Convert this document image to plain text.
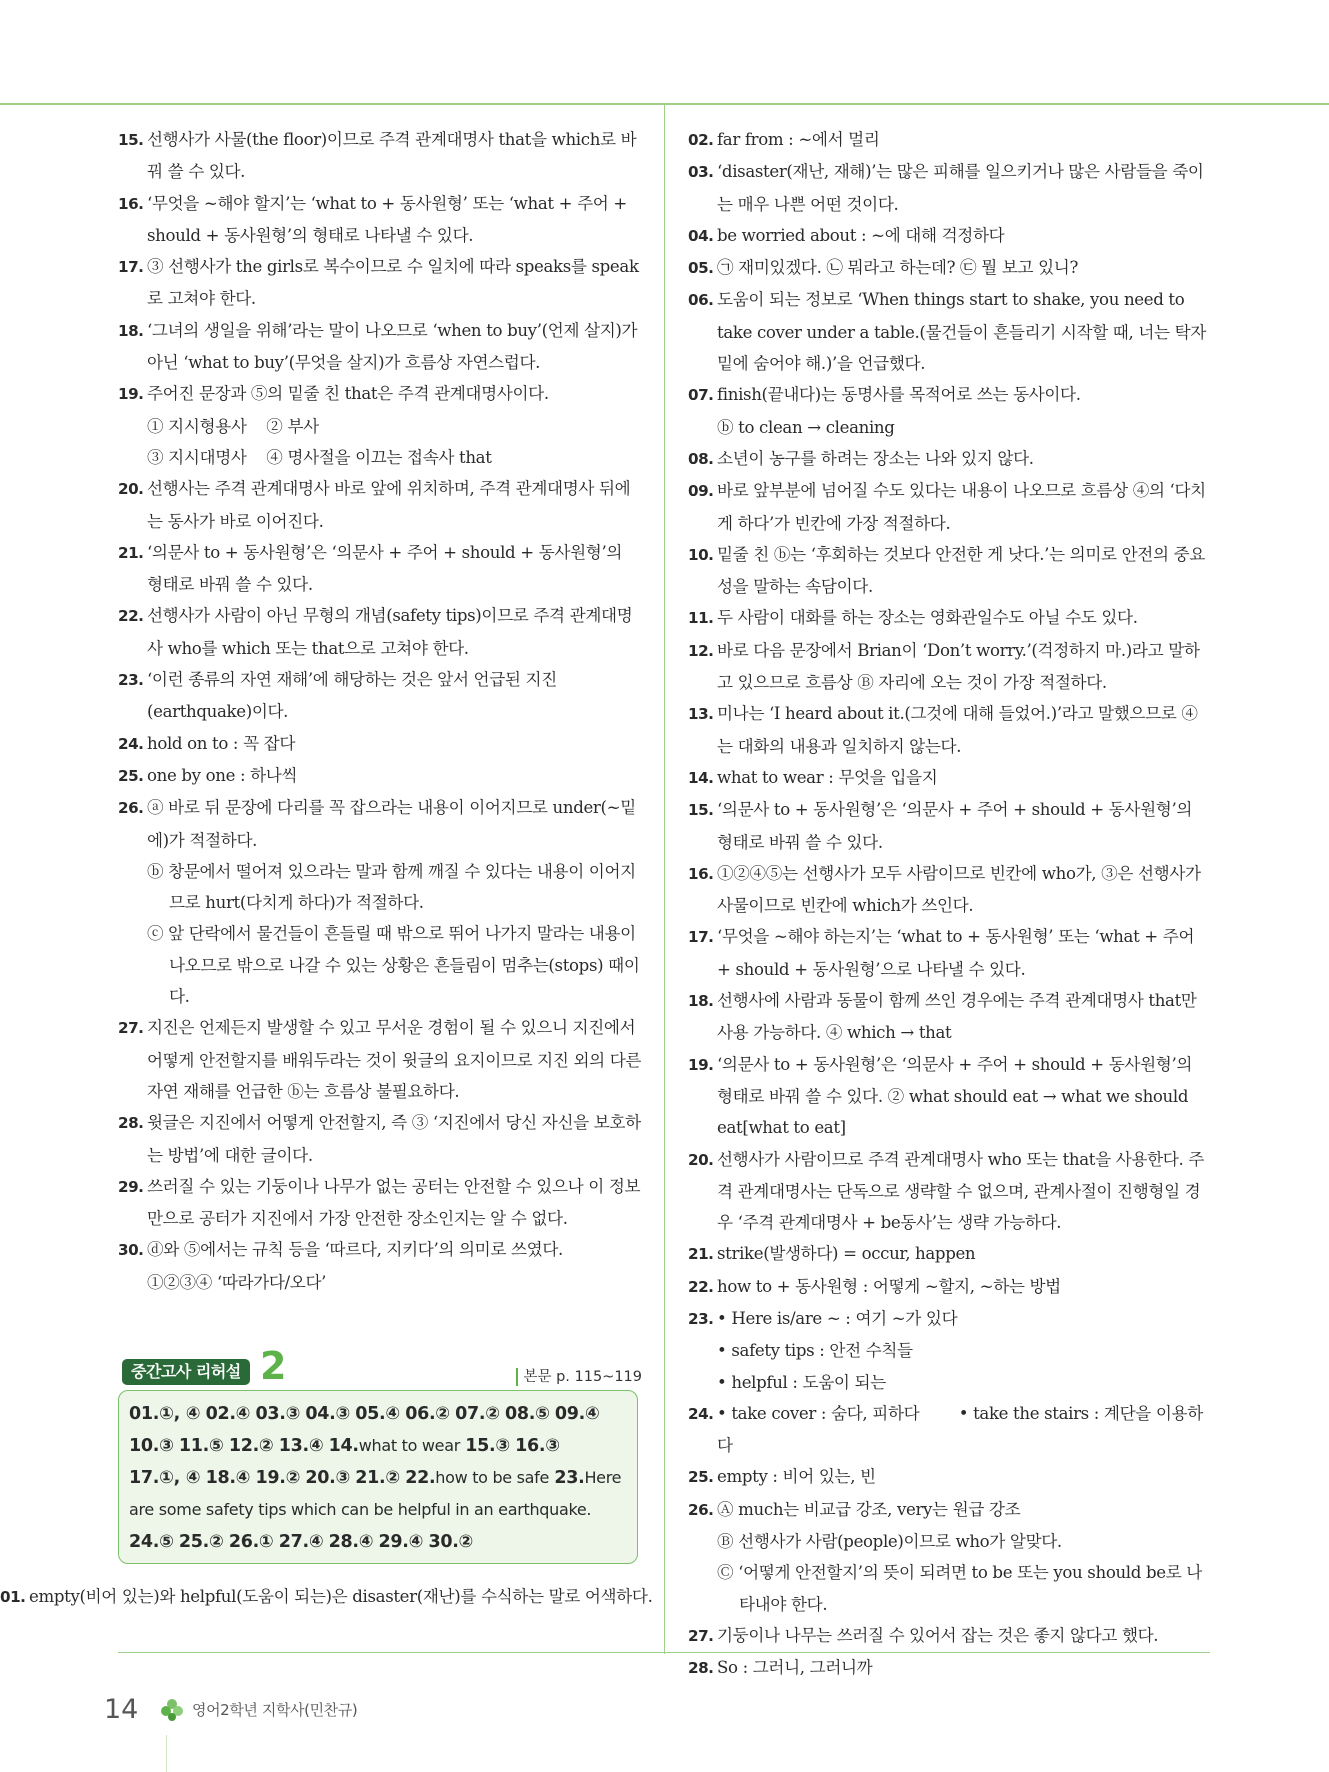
15. 선행사가 사물(the floor)이므로 주격 관계대명사 that을 which로 바꿔 쓸 수 있다.

16. ‘무엇을 ~해야 할지’는 ‘what to + 동사원형’ 또는 ‘what + 주어 + should + 동사원형’의 형태로 나타낼 수 있다.

17. ③ 선행사가 the girls로 복수이므로 수 일치에 따라 speaks를 speak로 고쳐야 한다.

18. ‘그녀의 생일을 위해’라는 말이 나오므로 ‘when to buy’(언제 살지)가 아닌 ‘what to buy’(무엇을 살지)가 흐름상 자연스럽다.

19. 주어진 문장과 ⑤의 밑줄 친 that은 주격 관계대명사이다.

① 지시형용사    ② 부사

③ 지시대명사    ④ 명사절을 이끄는 접속사 that

20. 선행사는 주격 관계대명사 바로 앞에 위치하며, 주격 관계대명사 뒤에는 동사가 바로 이어진다.

21. ‘의문사 to + 동사원형’은 ‘의문사 + 주어 + should + 동사원형’의 형태로 바꿔 쓸 수 있다.

22. 선행사가 사람이 아닌 무형의 개념(safety tips)이므로 주격 관계대명사 who를 which 또는 that으로 고쳐야 한다.

23. ‘이런 종류의 자연 재해’에 해당하는 것은 앞서 언급된 지진(earthquake)이다.

24. hold on to : 꼭 잡다

25. one by one : 하나씩

26. ⓐ 바로 뒤 문장에 다리를 꼭 잡으라는 내용이 이어지므로 under(~밑에)가 적절하다.

ⓑ 창문에서 떨어져 있으라는 말과 함께 깨질 수 있다는 내용이 이어지므로 hurt(다치게 하다)가 적절하다.

ⓒ 앞 단락에서 물건들이 흔들릴 때 밖으로 뛰어 나가지 말라는 내용이 나오므로 밖으로 나갈 수 있는 상황은 흔들림이 멈추는(stops) 때이다.

27. 지진은 언제든지 발생할 수 있고 무서운 경험이 될 수 있으니 지진에서 어떻게 안전할지를 배워두라는 것이 윗글의 요지이므로 지진 외의 다른 자연 재해를 언급한 ⓑ는 흐름상 불필요하다.

28. 윗글은 지진에서 어떻게 안전할지, 즉 ③ ‘지진에서 당신 자신을 보호하는 방법’에 대한 글이다.

29. 쓰러질 수 있는 기둥이나 나무가 없는 공터는 안전할 수 있으나 이 정보만으로 공터가 지진에서 가장 안전한 장소인지는 알 수 없다.

30. ⓓ와 ⑤에서는 규칙 등을 ‘따르다, 지키다’의 의미로 쓰였다.

①②③④ ‘따라가다/오다’

중간고사 리허설 2	본문 p. 115~119
01.①, ④ 02.④ 03.③ 04.③ 05.④ 06.② 07.② 08.⑤ 09.④ 10.③ 11.⑤ 12.② 13.④ 14.what to wear 15.③ 16.③ 17.①, ④ 18.④ 19.② 20.③ 21.② 22.how to be safe 23.Here are some safety tips which can be helpful in an earthquake. 24.⑤ 25.② 26.① 27.④ 28.④ 29.④ 30.②

01. empty(비어 있는)와 helpful(도움이 되는)은 disaster(재난)를 수식하는 말로 어색하다.

02. far from : ~에서 멀리

03. ‘disaster(재난, 재해)’는 많은 피해를 일으키거나 많은 사람들을 죽이는 매우 나쁜 어떤 것이다.

04. be worried about : ~에 대해 걱정하다

05. ㉠ 재미있겠다. ㉡ 뭐라고 하는데? ㉢ 뭘 보고 있니?

06. 도움이 되는 정보로 ‘When things start to shake, you need to take cover under a table.(물건들이 흔들리기 시작할 때, 너는 탁자 밑에 숨어야 해.)’을 언급했다.

07. finish(끝내다)는 동명사를 목적어로 쓰는 동사이다.

ⓑ to clean → cleaning

08. 소년이 농구를 하려는 장소는 나와 있지 않다.

09. 바로 앞부분에 넘어질 수도 있다는 내용이 나오므로 흐름상 ④의 ‘다치게 하다’가 빈칸에 가장 적절하다.

10. 밑줄 친 ⓑ는 ‘후회하는 것보다 안전한 게 낫다.’는 의미로 안전의 중요성을 말하는 속담이다.

11. 두 사람이 대화를 하는 장소는 영화관일수도 아닐 수도 있다.

12. 바로 다음 문장에서 Brian이 ‘Don’t worry.’(걱정하지 마.)라고 말하고 있으므로 흐름상 Ⓑ 자리에 오는 것이 가장 적절하다.

13. 미나는 ‘I heard about it.(그것에 대해 들었어.)’라고 말했으므로 ④는 대화의 내용과 일치하지 않는다.

14. what to wear : 무엇을 입을지

15. ‘의문사 to + 동사원형’은 ‘의문사 + 주어 + should + 동사원형’의 형태로 바꿔 쓸 수 있다.

16. ①②④⑤는 선행사가 모두 사람이므로 빈칸에 who가, ③은 선행사가 사물이므로 빈칸에 which가 쓰인다.

17. ‘무엇을 ~해야 하는지’는 ‘what to + 동사원형’ 또는 ‘what + 주어 + should + 동사원형’으로 나타낼 수 있다.

18. 선행사에 사람과 동물이 함께 쓰인 경우에는 주격 관계대명사 that만 사용 가능하다. ④ which → that

19. ‘의문사 to + 동사원형’은 ‘의문사 + 주어 + should + 동사원형’의 형태로 바꿔 쓸 수 있다. ② what should eat → what we should eat[what to eat]

20. 선행사가 사람이므로 주격 관계대명사 who 또는 that을 사용한다. 주격 관계대명사는 단독으로 생략할 수 없으며, 관계사절이 진행형일 경우 ‘주격 관계대명사 + be동사’는 생략 가능하다.

21. strike(발생하다) = occur, happen

22. how to + 동사원형 : 어떻게 ~할지, ~하는 방법

23. • Here is/are ~ : 여기 ~가 있다

• safety tips : 안전 수칙들

• helpful : 도움이 되는

24. • take cover : 숨다, 피하다        • take the stairs : 계단을 이용하다

25. empty : 비어 있는, 빈

26. Ⓐ much는 비교급 강조, very는 원급 강조

Ⓑ 선행사가 사람(people)이므로 who가 알맞다.

Ⓒ ‘어떻게 안전할지’의 뜻이 되려면 to be 또는 you should be로 나타내야 한다.

27. 기둥이나 나무는 쓰러질 수 있어서 잡는 것은 좋지 않다고 했다.

28. So : 그러니, 그러니까

14	영어2학년 지학사(민찬규)
